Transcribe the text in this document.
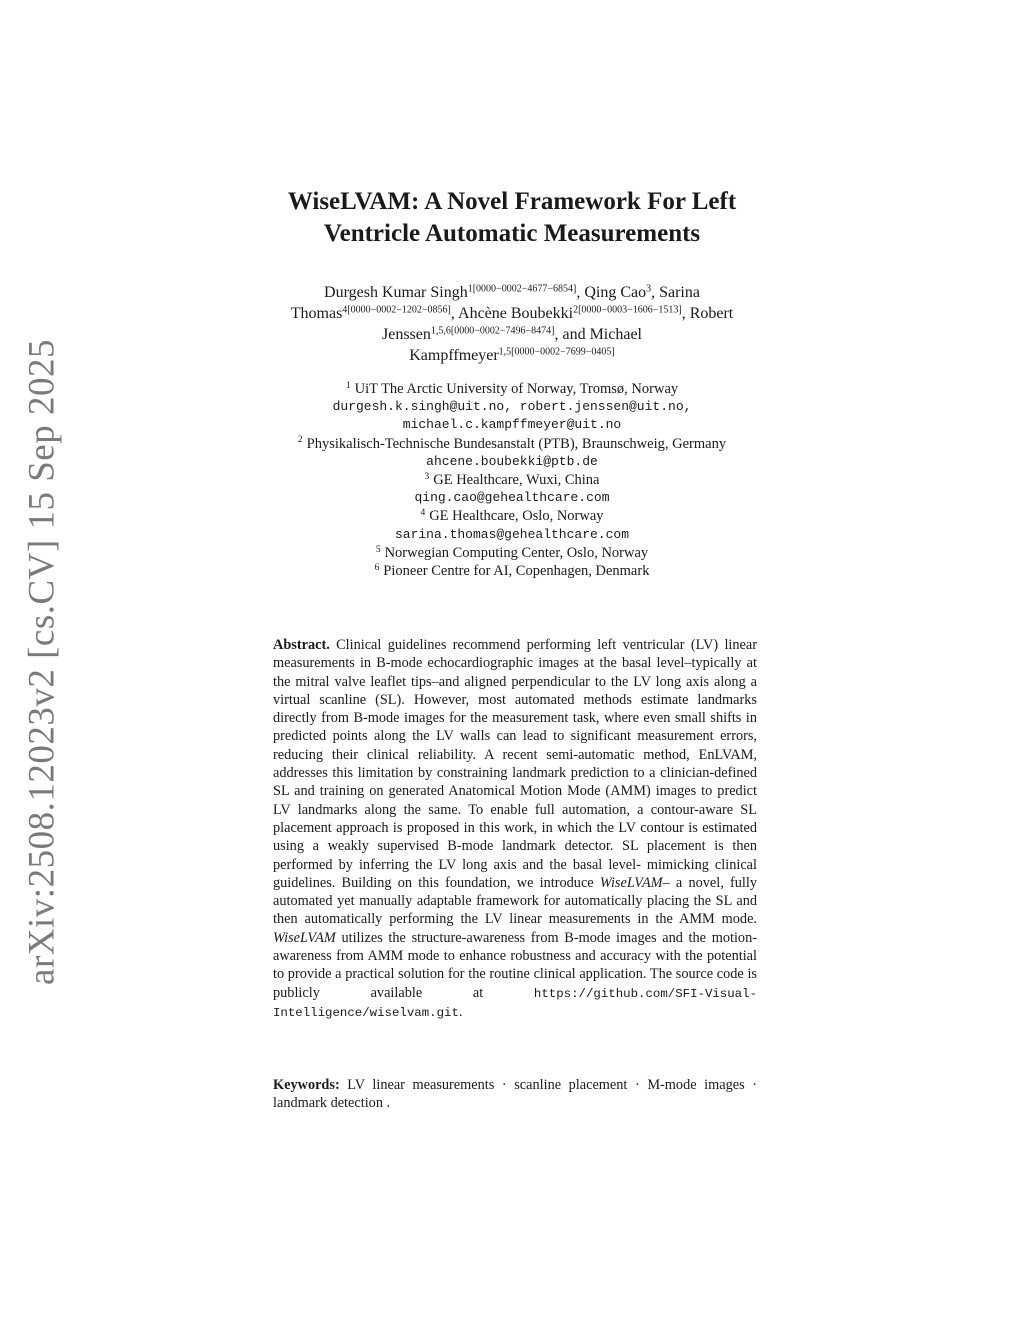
arXiv:2508.12023v2 [cs.CV] 15 Sep 2025
WiseLVAM: A Novel Framework For Left
Ventricle Automatic Measurements
Durgesh Kumar Singh$^{1[0000-0002-4677-6854]}$, Qing Cao$^3$, Sarina
Thomas$^{4[0000-0002-1202-0856]}$, Ahcène Boubekki$^{2[0000-0003-1606-1513]}$, Robert
Jenssen$^{1,5,6[0000-0002-7496-8474]}$, and Michael
Kampffmeyer$^{1,5[0000-0002-7699-0405]}$
$^1$ UiT The Arctic University of Norway, Tromsø, Norway
durgesh.k.singh@uit.no, robert.jenssen@uit.no,
michael.c.kampffmeyer@uit.no
$^2$ Physikalisch-Technische Bundesanstalt (PTB), Braunschweig, Germany
ahcene.boubekki@ptb.de
$^3$ GE Healthcare, Wuxi, China
qing.cao@gehealthcare.com
$^4$ GE Healthcare, Oslo, Norway
sarina.thomas@gehealthcare.com
$^5$ Norwegian Computing Center, Oslo, Norway
$^6$ Pioneer Centre for AI, Copenhagen, Denmark
Abstract. Clinical guidelines recommend performing left ventricular (LV) linear measurements in B-mode echocardiographic images at the basal level–typically at the mitral valve leaflet tips–and aligned perpendicular to the LV long axis along a virtual scanline (SL). However, most automated methods estimate landmarks directly from B-mode images for the measurement task, where even small shifts in predicted points along the LV walls can lead to significant measurement errors, reducing their clinical reliability. A recent semi-automatic method, EnLVAM, addresses this limitation by constraining landmark prediction to a clinician-defined SL and training on generated Anatomical Motion Mode (AMM) images to predict LV landmarks along the same. To enable full automation, a contour-aware SL placement approach is proposed in this work, in which the LV contour is estimated using a weakly supervised B-mode landmark detector. SL placement is then performed by inferring the LV long axis and the basal level- mimicking clinical guidelines. Building on this foundation, we introduce WiseLVAM– a novel, fully automated yet manually adaptable framework for automatically placing the SL and then automatically performing the LV linear measurements in the AMM mode. WiseLVAM utilizes the structure-awareness from B-mode images and the motion-awareness from AMM mode to enhance robustness and accuracy with the potential to provide a practical solution for the routine clinical application. The source code is publicly available at https://github.com/SFI-Visual-Intelligence/wiselvam.git.
Keywords: LV linear measurements · scanline placement · M-mode images · landmark detection .
